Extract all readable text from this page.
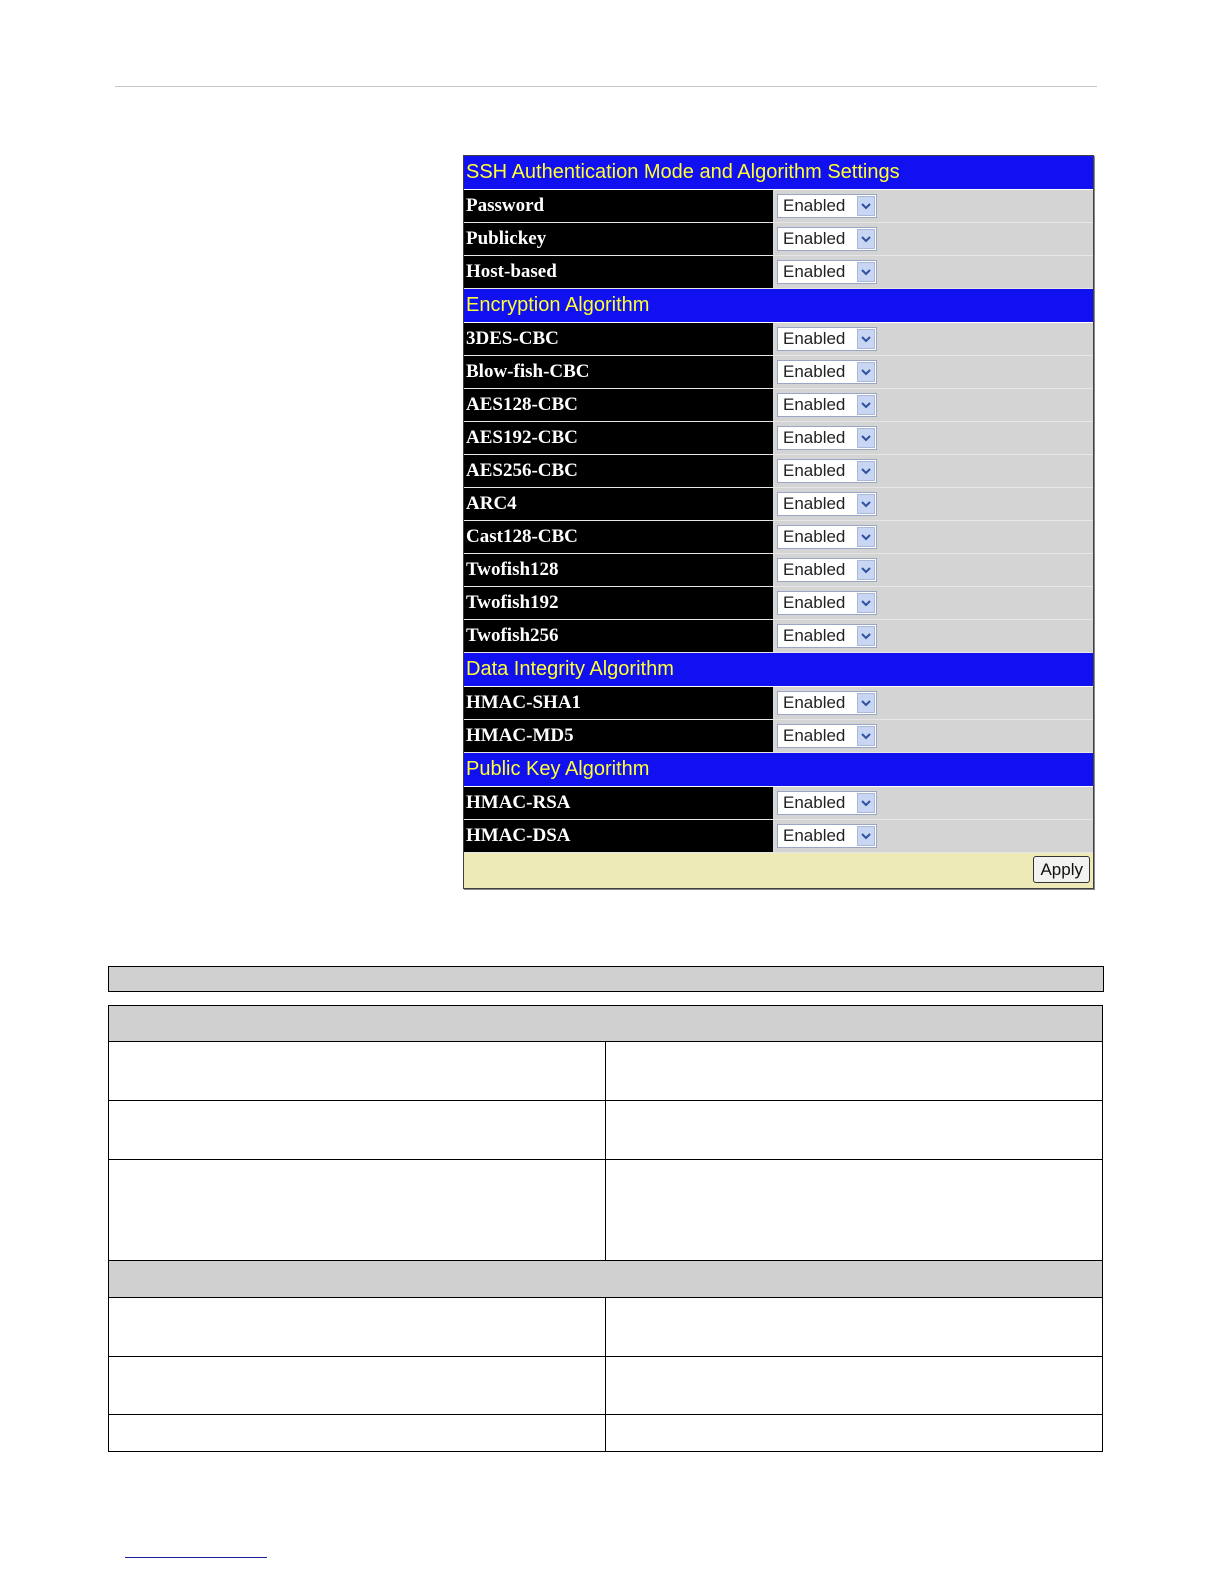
SSH Authentication Mode and Algorithm Settings
Password	Enabled
Publickey	Enabled
Host-based	Enabled
Encryption Algorithm
3DES-CBC	Enabled
Blow-fish-CBC	Enabled
AES128-CBC	Enabled
AES192-CBC	Enabled
AES256-CBC	Enabled
ARC4	Enabled
Cast128-CBC	Enabled
Twofish128	Enabled
Twofish192	Enabled
Twofish256	Enabled
Data Integrity Algorithm
HMAC-SHA1	Enabled
HMAC-MD5	Enabled
Public Key Algorithm
HMAC-RSA	Enabled
HMAC-DSA	Enabled
Apply
